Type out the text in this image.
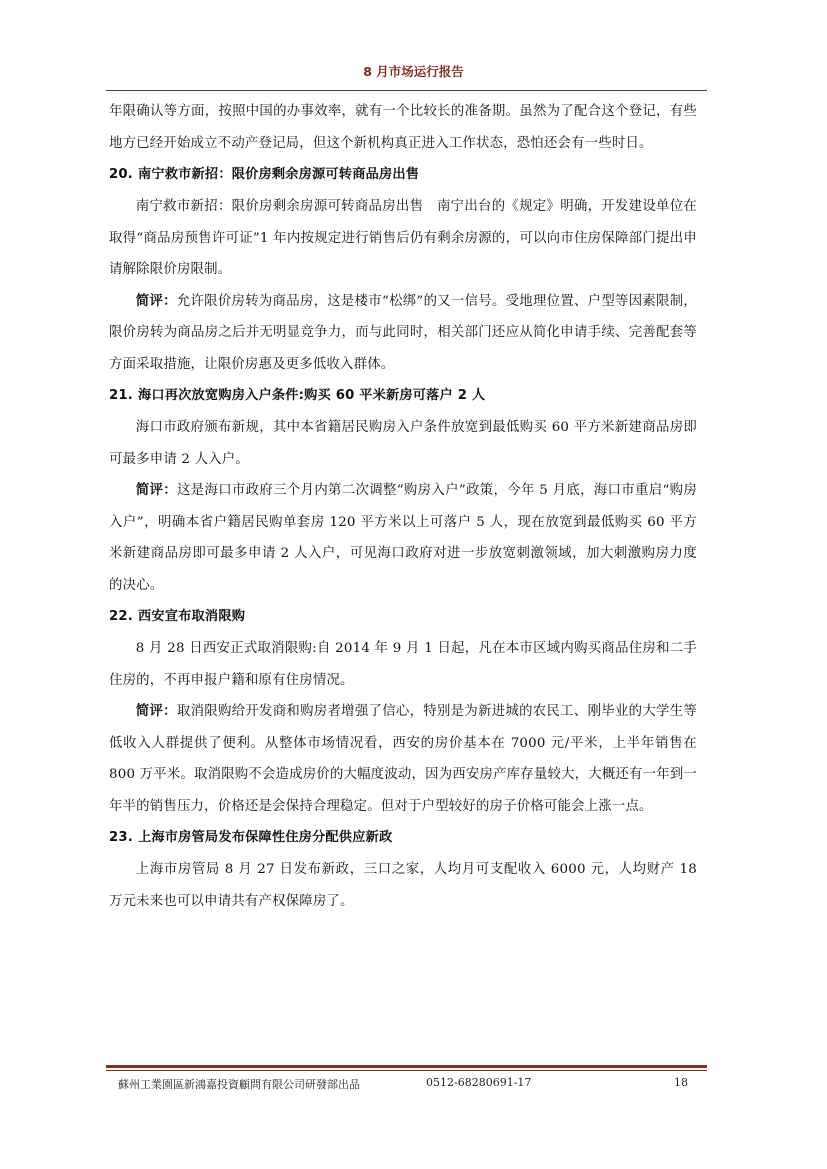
8 月市场运行报告

年限确认等方面，按照中国的办事效率，就有一个比较长的准备期。虽然为了配合这个登记，有些地方已经开始成立不动产登记局，但这个新机构真正进入工作状态，恐怕还会有一些时日。

20. 南宁救市新招：限价房剩余房源可转商品房出售

南宁救市新招：限价房剩余房源可转商品房出售　南宁出台的《规定》明确，开发建设单位在取得“商品房预售许可证”1 年内按规定进行销售后仍有剩余房源的，可以向市住房保障部门提出申请解除限价房限制。

简评：允许限价房转为商品房，这是楼市“松绑”的又一信号。受地理位置、户型等因素限制，限价房转为商品房之后并无明显竞争力，而与此同时，相关部门还应从简化申请手续、完善配套等方面采取措施，让限价房惠及更多低收入群体。

21. 海口再次放宽购房入户条件:购买 60 平米新房可落户 2 人

海口市政府颁布新规，其中本省籍居民购房入户条件放宽到最低购买 60 平方米新建商品房即可最多申请 2 人入户。

简评：这是海口市政府三个月内第二次调整“购房入户”政策，今年 5 月底，海口市重启“购房入户”，明确本省户籍居民购单套房 120 平方米以上可落户 5 人，现在放宽到最低购买 60 平方米新建商品房即可最多申请 2 人入户，可见海口政府对进一步放宽刺激领域，加大刺激购房力度的决心。

22. 西安宣布取消限购

8 月 28 日西安正式取消限购:自 2014 年 9 月 1 日起，凡在本市区域内购买商品住房和二手住房的，不再申报户籍和原有住房情况。

简评：取消限购给开发商和购房者增强了信心，特别是为新进城的农民工、刚毕业的大学生等低收入人群提供了便利。从整体市场情况看，西安的房价基本在 7000 元/平米，上半年销售在 800 万平米。取消限购不会造成房价的大幅度波动，因为西安房产库存量较大，大概还有一年到一年半的销售压力，价格还是会保持合理稳定。但对于户型较好的房子价格可能会上涨一点。

23. 上海市房管局发布保障性住房分配供应新政

上海市房管局 8 月 27 日发布新政，三口之家，人均月可支配收入 6000 元，人均财产 18 万元未来也可以申请共有产权保障房了。

蘇州工業園區新鴻嘉投資顧問有限公司研發部出品	0512-68280691-17	18
